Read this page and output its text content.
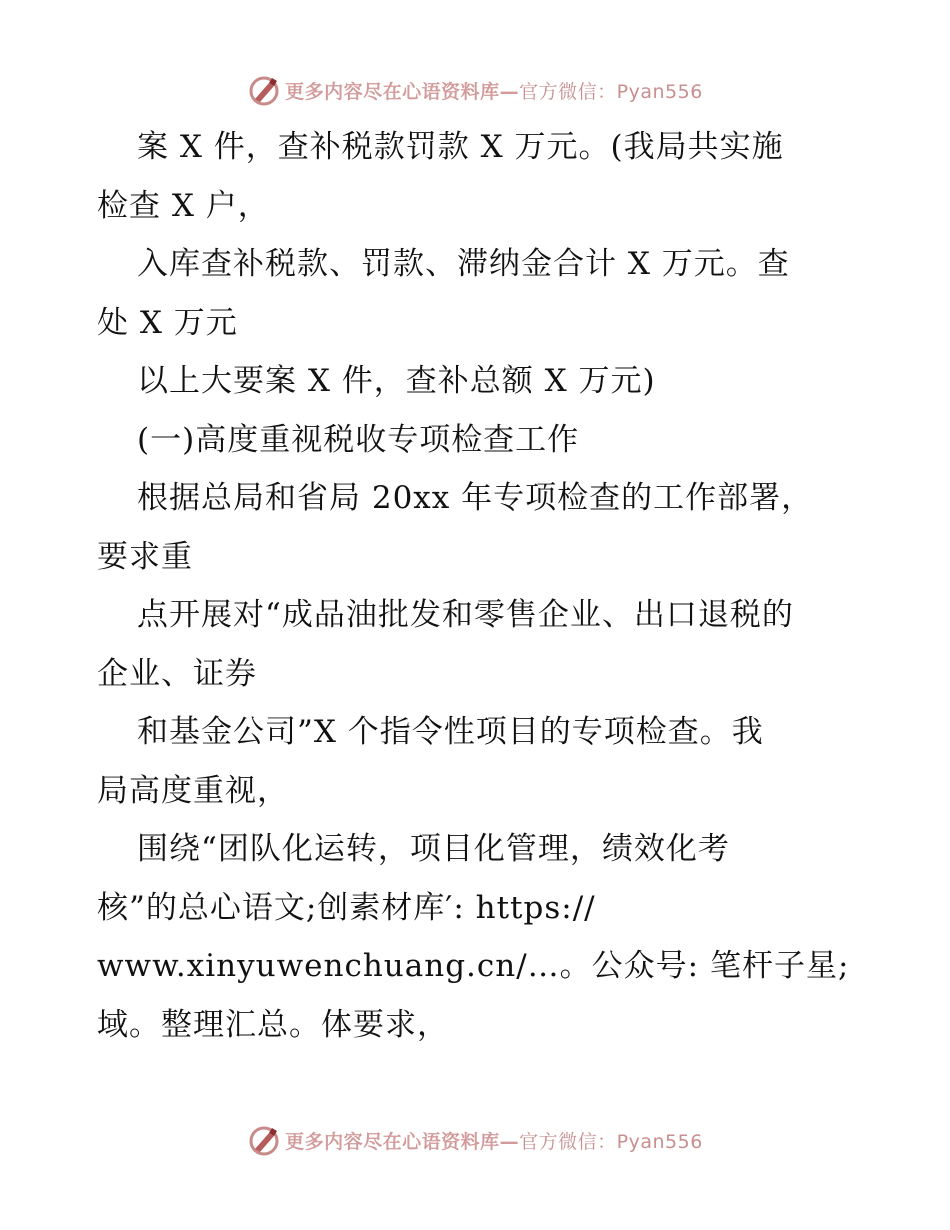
更多内容尽在心语资料库—官方微信：Pyan556
案 X 件，查补税款罚款 X 万元。(我局共实施
检查 X 户，
入库查补税款、罚款、滞纳金合计 X 万元。查
处 X 万元
以上大要案 X 件，查补总额 X 万元)
(一)高度重视税收专项检查工作
根据总局和省局 20xx 年专项检查的工作部署，
要求重
点开展对“成品油批发和零售企业、出口退税的
企业、证券
和基金公司”X 个指令性项目的专项检查。我
局高度重视，
围绕“团队化运转，项目化管理，绩效化考
核”的总心语文;创素材库′: https://
www.xinyuwenchuang.cn/…。公众号: 笔杆子星;
域。整理汇总。体要求，
更多内容尽在心语资料库—官方微信：Pyan556
